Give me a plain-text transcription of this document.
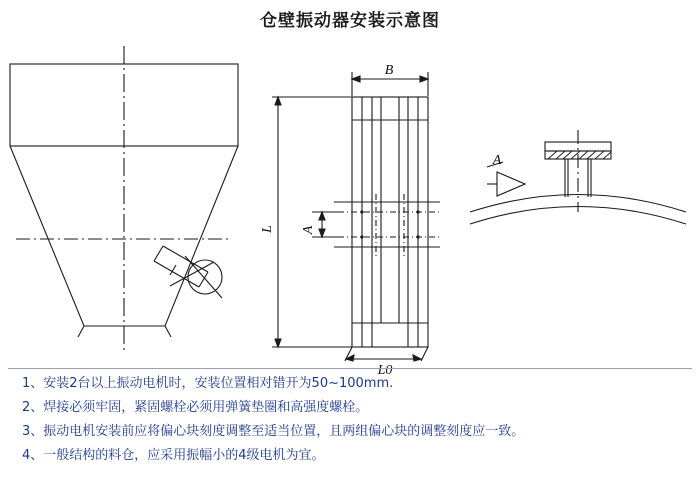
仓壁振动器安装示意图
B
L A
L0
A
1、安装2台以上振动电机时，安装位置相对错开为50~100mm.
2、焊接必须牢固，紧固螺栓必须用弹簧垫圈和高强度螺栓。
3、振动电机安装前应将偏心块刻度调整至适当位置，且两组偏心块的调整刻度应一致。
4、一般结构的料仓，应采用振幅小的4级电机为宜。
